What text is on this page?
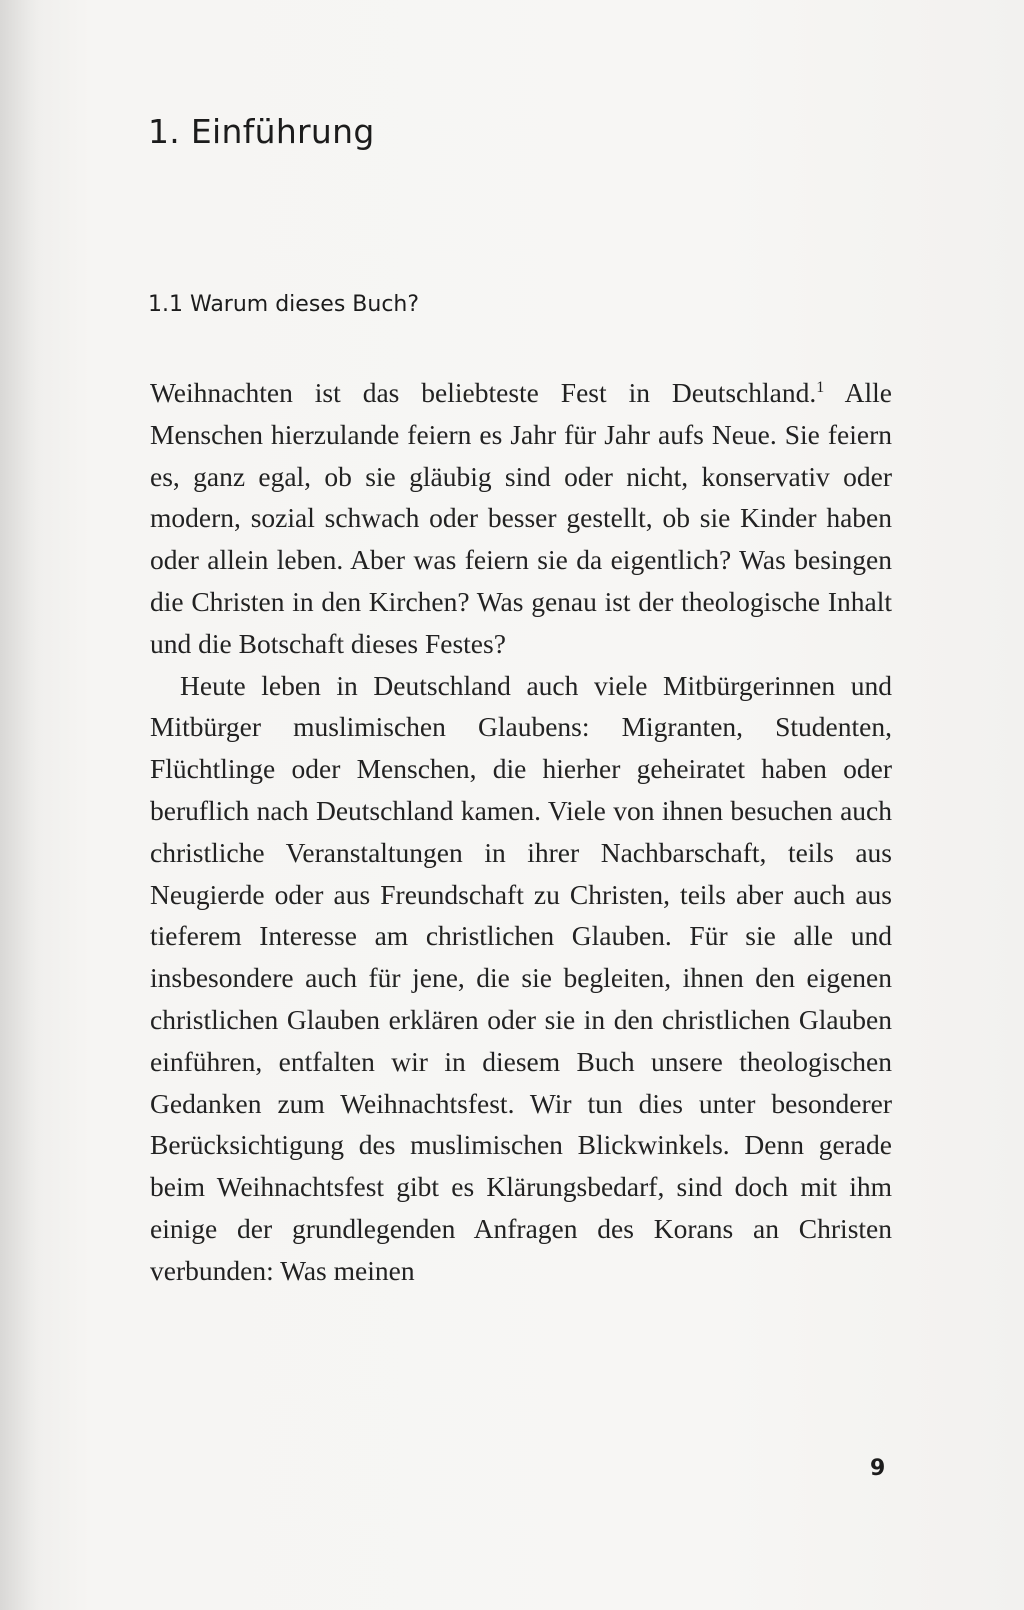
1. Einführung
1.1 Warum dieses Buch?

Weihnachten ist das beliebteste Fest in Deutschland.$^1$ Alle Menschen hierzulande feiern es Jahr für Jahr aufs Neue. Sie feiern es, ganz egal, ob sie gläubig sind oder nicht, konservativ oder modern, sozial schwach oder besser gestellt, ob sie Kinder haben oder allein leben. Aber was feiern sie da eigentlich? Was besingen die Christen in den Kirchen? Was genau ist der theologische Inhalt und die Botschaft dieses Festes?

Heute leben in Deutschland auch viele Mitbürgerinnen und Mitbürger muslimischen Glaubens: Migranten, Studenten, Flüchtlinge oder Menschen, die hierher geheiratet haben oder beruflich nach Deutschland kamen. Viele von ihnen besuchen auch christliche Veranstaltungen in ihrer Nachbarschaft, teils aus Neugierde oder aus Freundschaft zu Christen, teils aber auch aus tieferem Interesse am christlichen Glauben. Für sie alle und insbesondere auch für jene, die sie begleiten, ihnen den eigenen christlichen Glauben erklären oder sie in den christlichen Glauben einführen, entfalten wir in diesem Buch unsere theologischen Gedanken zum Weihnachtsfest. Wir tun dies unter besonderer Berücksichtigung des muslimischen Blickwinkels. Denn gerade beim Weihnachtsfest gibt es Klärungsbedarf, sind doch mit ihm einige der grundlegenden Anfragen des Korans an Christen verbunden: Was meinen

9
